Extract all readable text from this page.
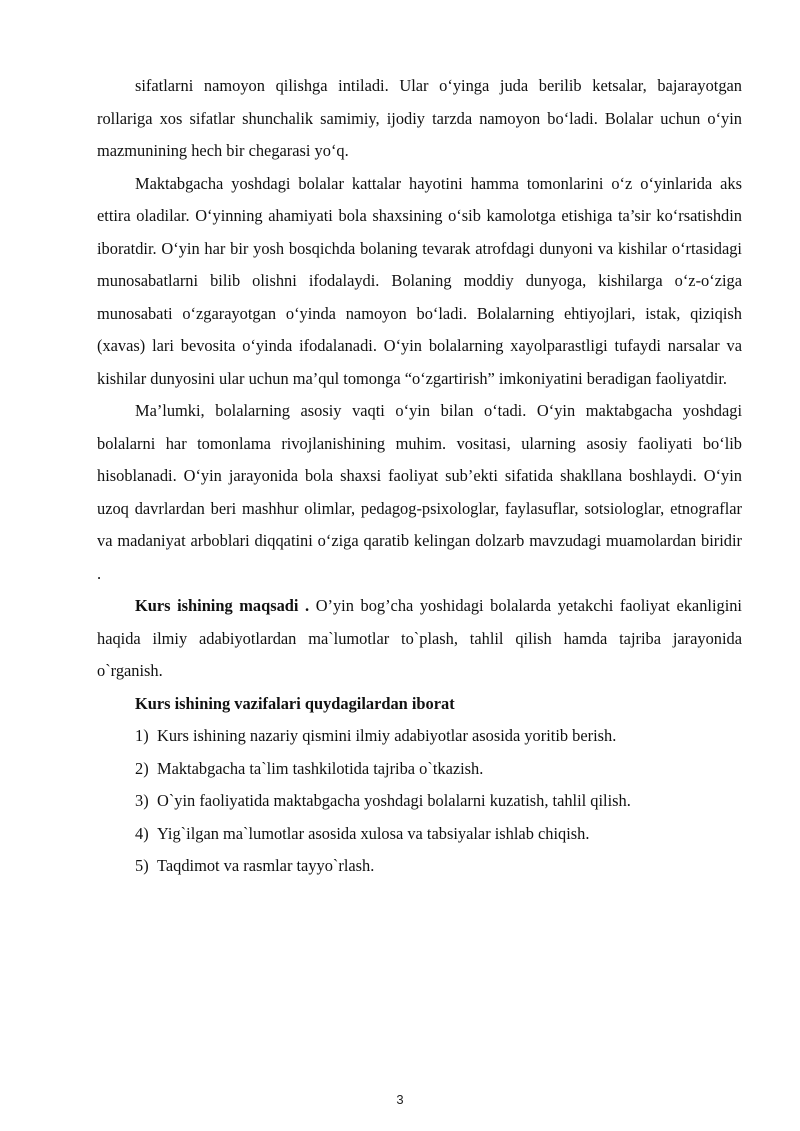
sifatlarni namoyon qilishga intiladi. Ular o‘yinga juda berilib ketsalar, bajarayotgan rollariga xos sifatlar shunchalik samimiy, ijodiy tarzda namoyon bo‘ladi. Bolalar uchun o‘yin mazmunining hech bir chegarasi yo‘q.

Maktabgacha yoshdagi bolalar kattalar hayotini hamma tomonlarini o‘z o‘yinlarida aks ettira oladilar. O‘yinning ahamiyati bola shaxsining o‘sib kamolotga etishiga ta’sir ko‘rsatishdin iboratdir. O‘yin har bir yosh bosqichda bolaning tevarak atrofdagi dunyoni va kishilar o‘rtasidagi munosabatlarni bilib olishni ifodalaydi. Bolaning moddiy dunyoga, kishilarga o‘z-o‘ziga munosabati o‘zgarayotgan o‘yinda namoyon bo‘ladi. Bolalarning ehtiyojlari, istak, qiziqish (xavas) lari bevosita o‘yinda ifodalanadi. O‘yin bolalarning xayolparastligi tufaydi narsalar va kishilar dunyosini ular uchun ma’qul tomonga “o‘zgartirish” imkoniyatini beradigan faoliyatdir.

Ma’lumki, bolalarning asosiy vaqti o‘yin bilan o‘tadi. O‘yin maktabgacha yoshdagi bolalarni har tomonlama rivojlanishining muhim. vositasi, ularning asosiy faoliyati bo‘lib hisoblanadi. O‘yin jarayonida bola shaxsi faoliyat sub’ekti sifatida shakllana boshlaydi. O‘yin uzoq davrlardan beri mashhur olimlar, pedagog-psixologlar, faylasuflar, sotsiologlar, etnograflar va madaniyat arboblari diqqatini o‘ziga qaratib kelingan dolzarb mavzudagi muamolardan biridir .

Kurs ishining maqsadi . O’yin bog’cha yoshidagi bolalarda yetakchi faoliyat ekanligini haqida ilmiy adabiyotlardan ma`lumotlar to`plash, tahlil qilish hamda tajriba jarayonida o`rganish.

Kurs ishining vazifalari quydagilardan iborat

1) Kurs ishining nazariy qismini ilmiy adabiyotlar asosida yoritib berish.
2) Maktabgacha ta`lim tashkilotida tajriba o`tkazish.
3) O`yin faoliyatida maktabgacha yoshdagi bolalarni kuzatish, tahlil qilish.
4) Yig`ilgan ma`lumotlar asosida xulosa va tabsiyalar ishlab chiqish.
5) Taqdimot va rasmlar tayyo`rlash.
3
